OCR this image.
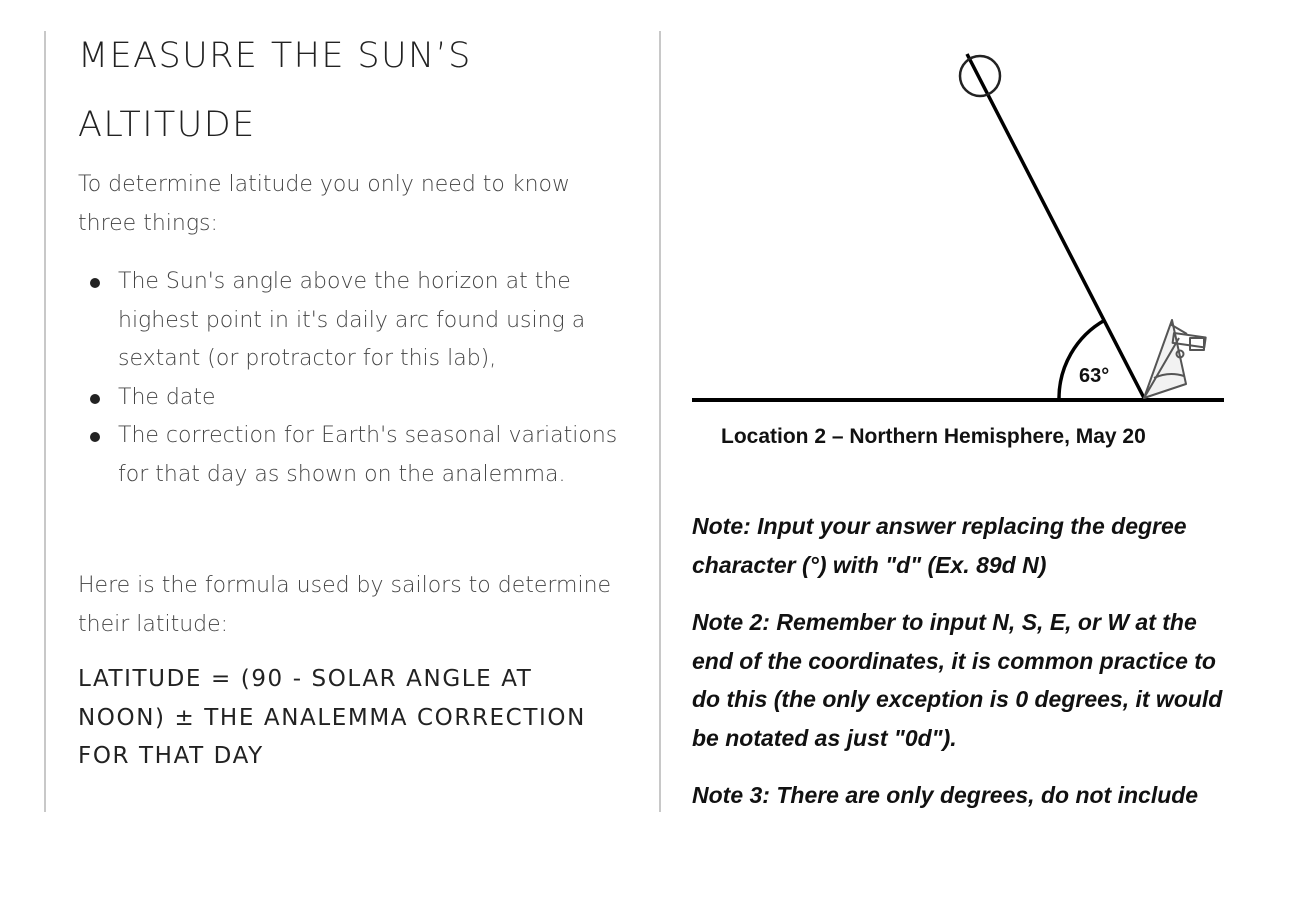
MEASURE THE SUN’S ALTITUDE

To determine latitude you only need to know three things:

The Sun's angle above the horizon at the highest point in it's daily arc found using a sextant (or protractor for this lab),
The date
The correction for Earth's seasonal variations for that day as shown on the analemma.

Here is the formula used by sailors to determine their latitude:

LATITUDE = (90 - SOLAR ANGLE AT NOON) ± THE ANALEMMA CORRECTION FOR THAT DAY

63°

Location 2 – Northern Hemisphere, May 20

Note: Input your answer replacing the degree character (°) with "d" (Ex. 89d N)

Note 2: Remember to input N, S, E, or W at the end of the coordinates, it is common practice to do this (the only exception is 0 degrees, it would be notated as just "0d").

Note 3: There are only degrees, do not include
